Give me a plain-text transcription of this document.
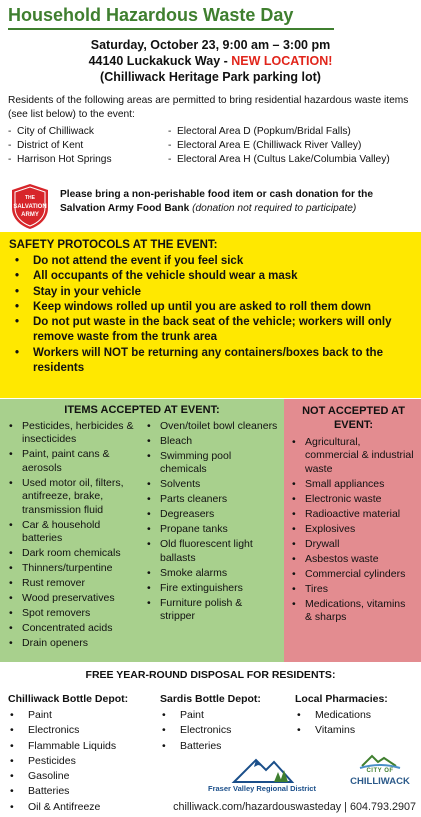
Household Hazardous Waste Day
Saturday, October 23, 9:00 am – 3:00 pm
44140 Luckakuck Way - NEW LOCATION!
(Chilliwack Heritage Park parking lot)
Residents of the following areas are permitted to bring residential hazardous waste items (see list below) to the event:
- City of Chilliwack
- District of Kent
- Harrison Hot Springs
- Electoral Area D (Popkum/Bridal Falls)
- Electoral Area E (Chilliwack River Valley)
- Electoral Area H (Cultus Lake/Columbia Valley)
THE
SALVATION
ARMY
Please bring a non-perishable food item or cash donation for the Salvation Army Food Bank (donation not required to participate)
SAFETY PROTOCOLS AT THE EVENT:
•	Do not attend the event if you feel sick
•	All occupants of the vehicle should wear a mask
•	Stay in your vehicle
•	Keep windows rolled up until you are asked to roll them down
•	Do not put waste in the back seat of the vehicle; workers will only remove waste from the trunk area
•	Workers will NOT be returning any containers/boxes back to the residents
ITEMS ACCEPTED AT EVENT:
• Pesticides, herbicides & insecticides
• Paint, paint cans & aerosols
• Used motor oil, filters, antifreeze, brake, transmission fluid
• Car & household batteries
• Dark room chemicals
• Thinners/turpentine
• Rust remover
• Wood preservatives
• Spot removers
• Concentrated acids
• Drain openers
• Oven/toilet bowl cleaners
• Bleach
• Swimming pool chemicals
• Solvents
• Parts cleaners
• Degreasers
• Propane tanks
• Old fluorescent light ballasts
• Smoke alarms
• Fire extinguishers
• Furniture polish & stripper
NOT ACCEPTED AT EVENT:
• Agricultural, commercial & industrial waste
• Small appliances
• Electronic waste
• Radioactive material
• Explosives
• Drywall
• Asbestos waste
• Commercial cylinders
• Tires
• Medications, vitamins & sharps
FREE YEAR-ROUND DISPOSAL FOR RESIDENTS:
Chilliwack Bottle Depot:
•	Paint
•	Electronics
•	Flammable Liquids
•	Pesticides
•	Gasoline
•	Batteries
•	Oil & Antifreeze
Sardis Bottle Depot:
•	Paint
•	Electronics
•	Batteries
Local Pharmacies:
•	Medications
•	Vitamins
Fraser Valley Regional District
CITY OF
CHILLIWACK
chilliwack.com/hazardouswasteday | 604.793.2907
